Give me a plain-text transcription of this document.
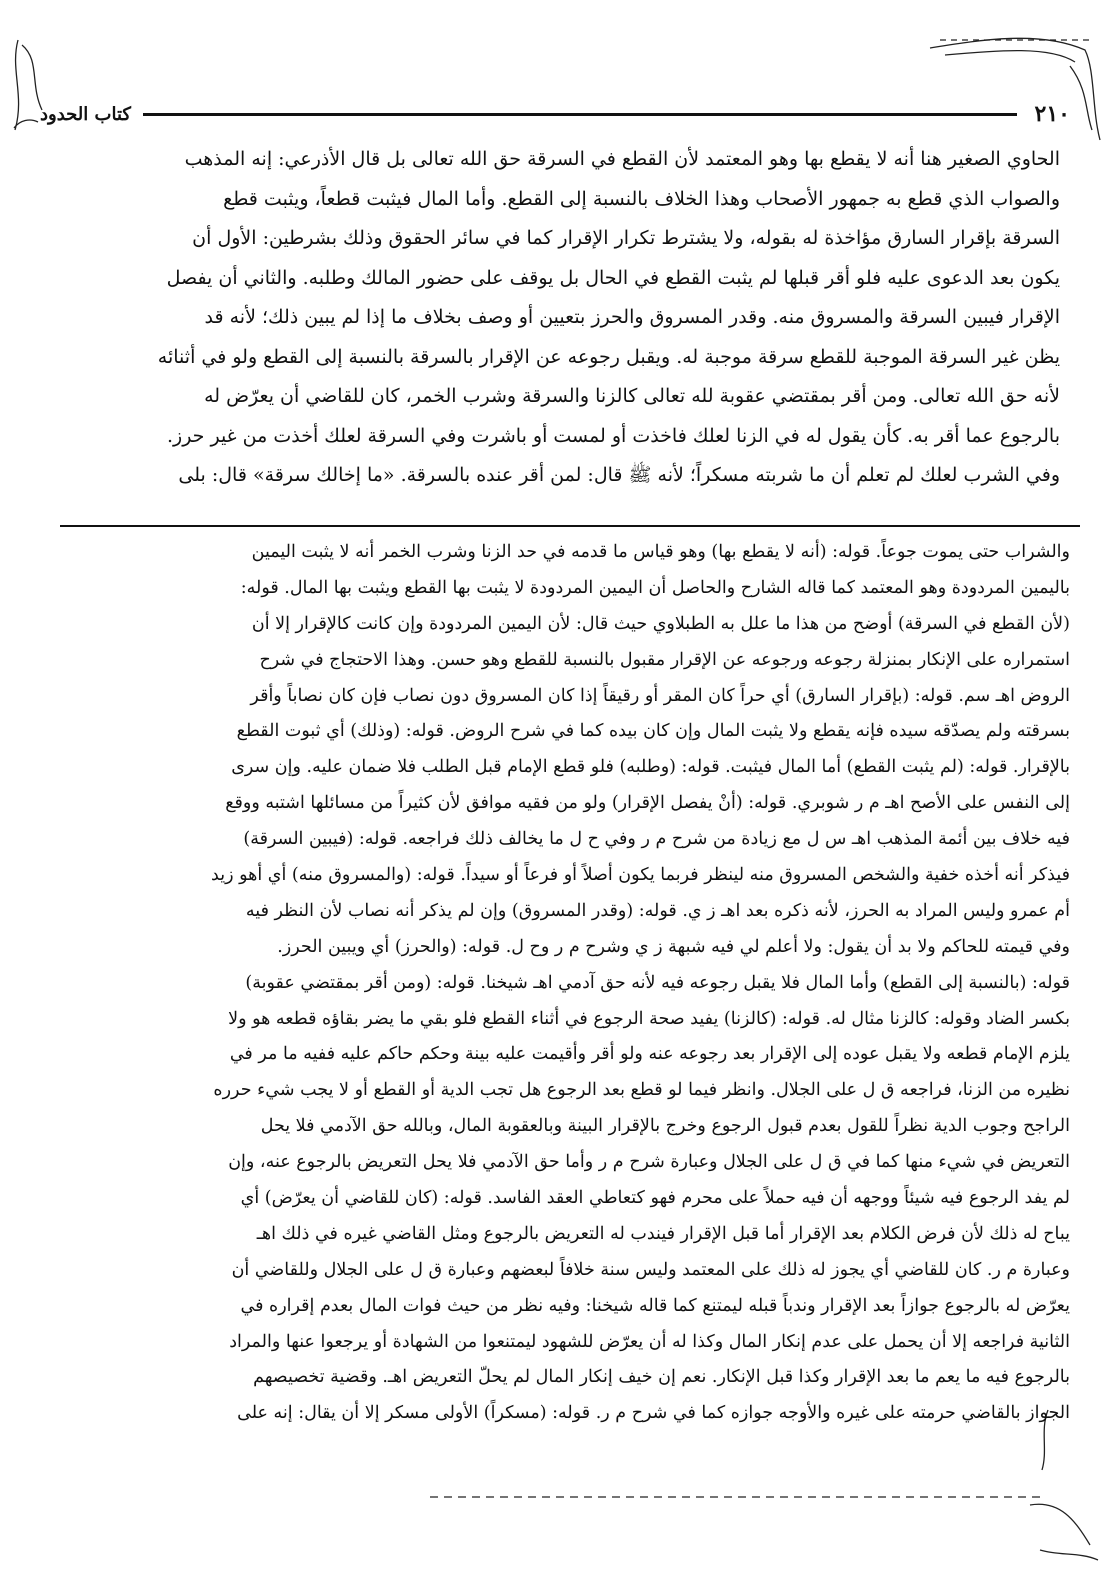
٢١٠
كتاب الحدود
الحاوي الصغير هنا أنه لا يقطع بها وهو المعتمد لأن القطع في السرقة حق الله تعالى بل قال الأذرعي: إنه المذهب
والصواب الذي قطع به جمهور الأصحاب وهذا الخلاف بالنسبة إلى القطع. وأما المال فيثبت قطعاً، ويثبت قطع
السرقة بإقرار السارق مؤاخذة له بقوله، ولا يشترط تكرار الإقرار كما في سائر الحقوق وذلك بشرطين: الأول أن
يكون بعد الدعوى عليه فلو أقر قبلها لم يثبت القطع في الحال بل يوقف على حضور المالك وطلبه. والثاني أن يفصل
الإقرار فيبين السرقة والمسروق منه. وقدر المسروق والحرز بتعيين أو وصف بخلاف ما إذا لم يبين ذلك؛ لأنه قد
يظن غير السرقة الموجبة للقطع سرقة موجبة له. ويقبل رجوعه عن الإقرار بالسرقة بالنسبة إلى القطع ولو في أثنائه
لأنه حق الله تعالى. ومن أقر بمقتضي عقوبة لله تعالى كالزنا والسرقة وشرب الخمر، كان للقاضي أن يعرّض له
بالرجوع عما أقر به. كأن يقول له في الزنا لعلك فاخذت أو لمست أو باشرت وفي السرقة لعلك أخذت من غير حرز.
وفي الشرب لعلك لم تعلم أن ما شربته مسكراً؛ لأنه ﷺ قال: لمن أقر عنده بالسرقة. «ما إخالك سرقة» قال: بلى
والشراب حتى يموت جوعاً. قوله: (أنه لا يقطع بها) وهو قياس ما قدمه في حد الزنا وشرب الخمر أنه لا يثبت اليمين
باليمين المردودة وهو المعتمد كما قاله الشارح والحاصل أن اليمين المردودة لا يثبت بها القطع ويثبت بها المال. قوله:
(لأن القطع في السرقة) أوضح من هذا ما علل به الطبلاوي حيث قال: لأن اليمين المردودة وإن كانت كالإقرار إلا أن
استمراره على الإنكار بمنزلة رجوعه ورجوعه عن الإقرار مقبول بالنسبة للقطع وهو حسن. وهذا الاحتجاج في شرح
الروض اهـ سم. قوله: (بإقرار السارق) أي حراً كان المقر أو رقيقاً إذا كان المسروق دون نصاب فإن كان نصاباً وأقر
بسرقته ولم يصدّقه سيده فإنه يقطع ولا يثبت المال وإن كان بيده كما في شرح الروض. قوله: (وذلك) أي ثبوت القطع
بالإقرار. قوله: (لم يثبت القطع) أما المال فيثبت. قوله: (وطلبه) فلو قطع الإمام قبل الطلب فلا ضمان عليه. وإن سرى
إلى النفس على الأصح اهـ م ر شوبري. قوله: (أنْ يفصل الإقرار) ولو من فقيه موافق لأن كثيراً من مسائلها اشتبه ووقع
فيه خلاف بين أئمة المذهب اهـ س ل مع زيادة من شرح م ر وفي ح ل ما يخالف ذلك فراجعه. قوله: (فيبين السرقة)
فيذكر أنه أخذه خفية والشخص المسروق منه لينظر فربما يكون أصلاً أو فرعاً أو سيداً. قوله: (والمسروق منه) أي أهو زيد
أم عمرو وليس المراد به الحرز، لأنه ذكره بعد اهـ ز ي. قوله: (وقدر المسروق) وإن لم يذكر أنه نصاب لأن النظر فيه
وفي قيمته للحاكم ولا بد أن يقول: ولا أعلم لي فيه شبهة ز ي وشرح م ر وح ل. قوله: (والحرز) أي ويبين الحرز.
قوله: (بالنسبة إلى القطع) وأما المال فلا يقبل رجوعه فيه لأنه حق آدمي اهـ شيخنا. قوله: (ومن أقر بمقتضي عقوبة)
بكسر الضاد وقوله: كالزنا مثال له. قوله: (كالزنا) يفيد صحة الرجوع في أثناء القطع فلو بقي ما يضر بقاؤه قطعه هو ولا
يلزم الإمام قطعه ولا يقبل عوده إلى الإقرار بعد رجوعه عنه ولو أقر وأقيمت عليه بينة وحكم حاكم عليه ففيه ما مر في
نظيره من الزنا، فراجعه ق ل على الجلال. وانظر فيما لو قطع بعد الرجوع هل تجب الدية أو القطع أو لا يجب شيء حرره
الراجح وجوب الدية نظراً للقول بعدم قبول الرجوع وخرج بالإقرار البينة وبالعقوبة المال، وبالله حق الآدمي فلا يحل
التعريض في شيء منها كما في ق ل على الجلال وعبارة شرح م ر وأما حق الآدمي فلا يحل التعريض بالرجوع عنه، وإن
لم يفد الرجوع فيه شيئاً ووجهه أن فيه حملاً على محرم فهو كتعاطي العقد الفاسد. قوله: (كان للقاضي أن يعرّض) أي
يباح له ذلك لأن فرض الكلام بعد الإقرار أما قبل الإقرار فيندب له التعريض بالرجوع ومثل القاضي غيره في ذلك اهـ
وعبارة م ر. كان للقاضي أي يجوز له ذلك على المعتمد وليس سنة خلافاً لبعضهم وعبارة ق ل على الجلال وللقاضي أن
يعرّض له بالرجوع جوازاً بعد الإقرار وندباً قبله ليمتنع كما قاله شيخنا: وفيه نظر من حيث فوات المال بعدم إقراره في
الثانية فراجعه إلا أن يحمل على عدم إنكار المال وكذا له أن يعرّض للشهود ليمتنعوا من الشهادة أو يرجعوا عنها والمراد
بالرجوع فيه ما يعم ما بعد الإقرار وكذا قبل الإنكار. نعم إن خيف إنكار المال لم يحلّ التعريض اهـ. وقضية تخصيصهم
الجواز بالقاضي حرمته على غيره والأوجه جوازه كما في شرح م ر. قوله: (مسكراً) الأولى مسكر إلا أن يقال: إنه على
